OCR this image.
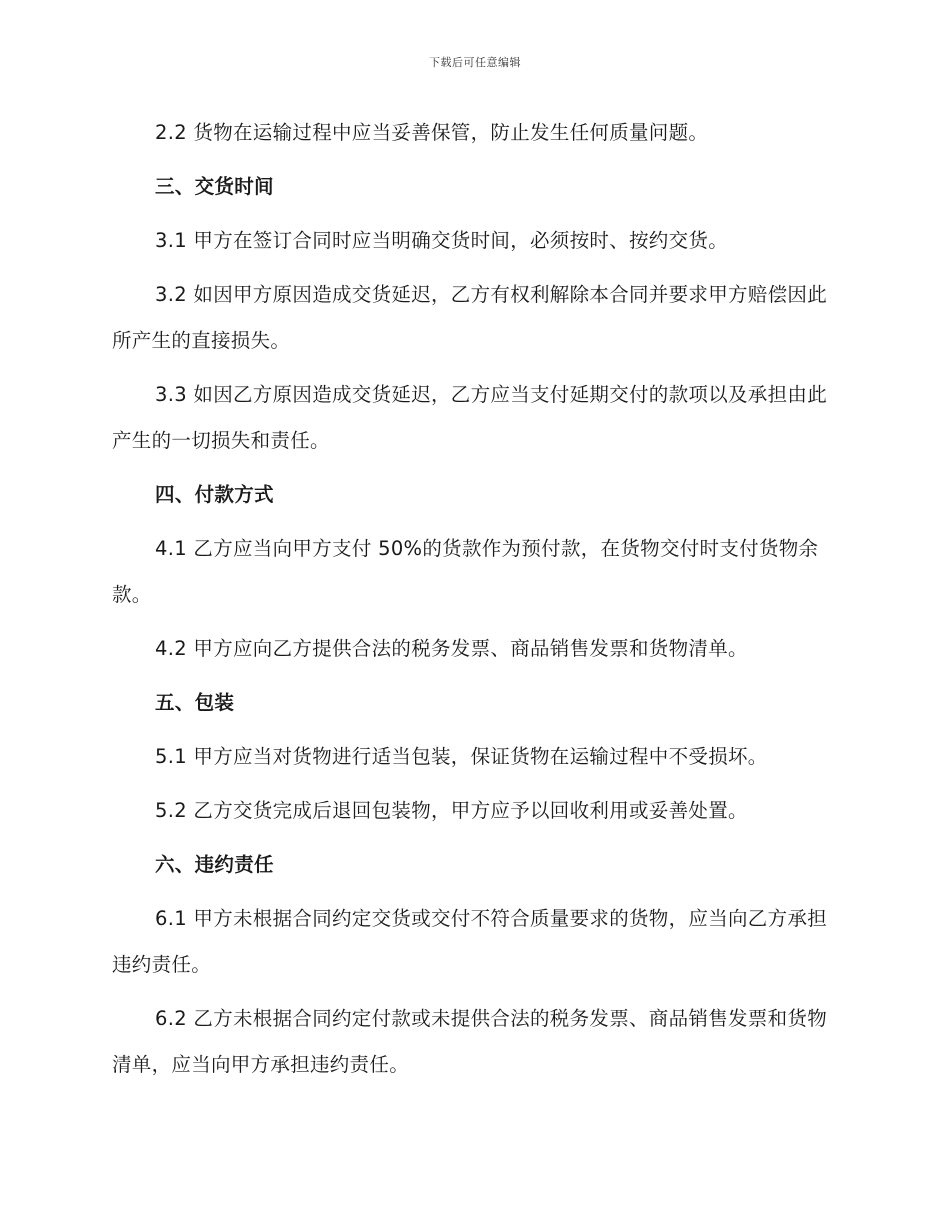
下载后可任意编辑

2.2 货物在运输过程中应当妥善保管，防止发生任何质量问题。

三、交货时间

3.1 甲方在签订合同时应当明确交货时间，必须按时、按约交货。

3.2 如因甲方原因造成交货延迟，乙方有权利解除本合同并要求甲方赔偿因此所产生的直接损失。

3.3 如因乙方原因造成交货延迟，乙方应当支付延期交付的款项以及承担由此产生的一切损失和责任。

四、付款方式

4.1 乙方应当向甲方支付 50%的货款作为预付款，在货物交付时支付货物余款。

4.2 甲方应向乙方提供合法的税务发票、商品销售发票和货物清单。

五、包装

5.1 甲方应当对货物进行适当包装，保证货物在运输过程中不受损坏。

5.2 乙方交货完成后退回包装物，甲方应予以回收利用或妥善处置。

六、违约责任

6.1 甲方未根据合同约定交货或交付不符合质量要求的货物，应当向乙方承担违约责任。

6.2 乙方未根据合同约定付款或未提供合法的税务发票、商品销售发票和货物清单，应当向甲方承担违约责任。
